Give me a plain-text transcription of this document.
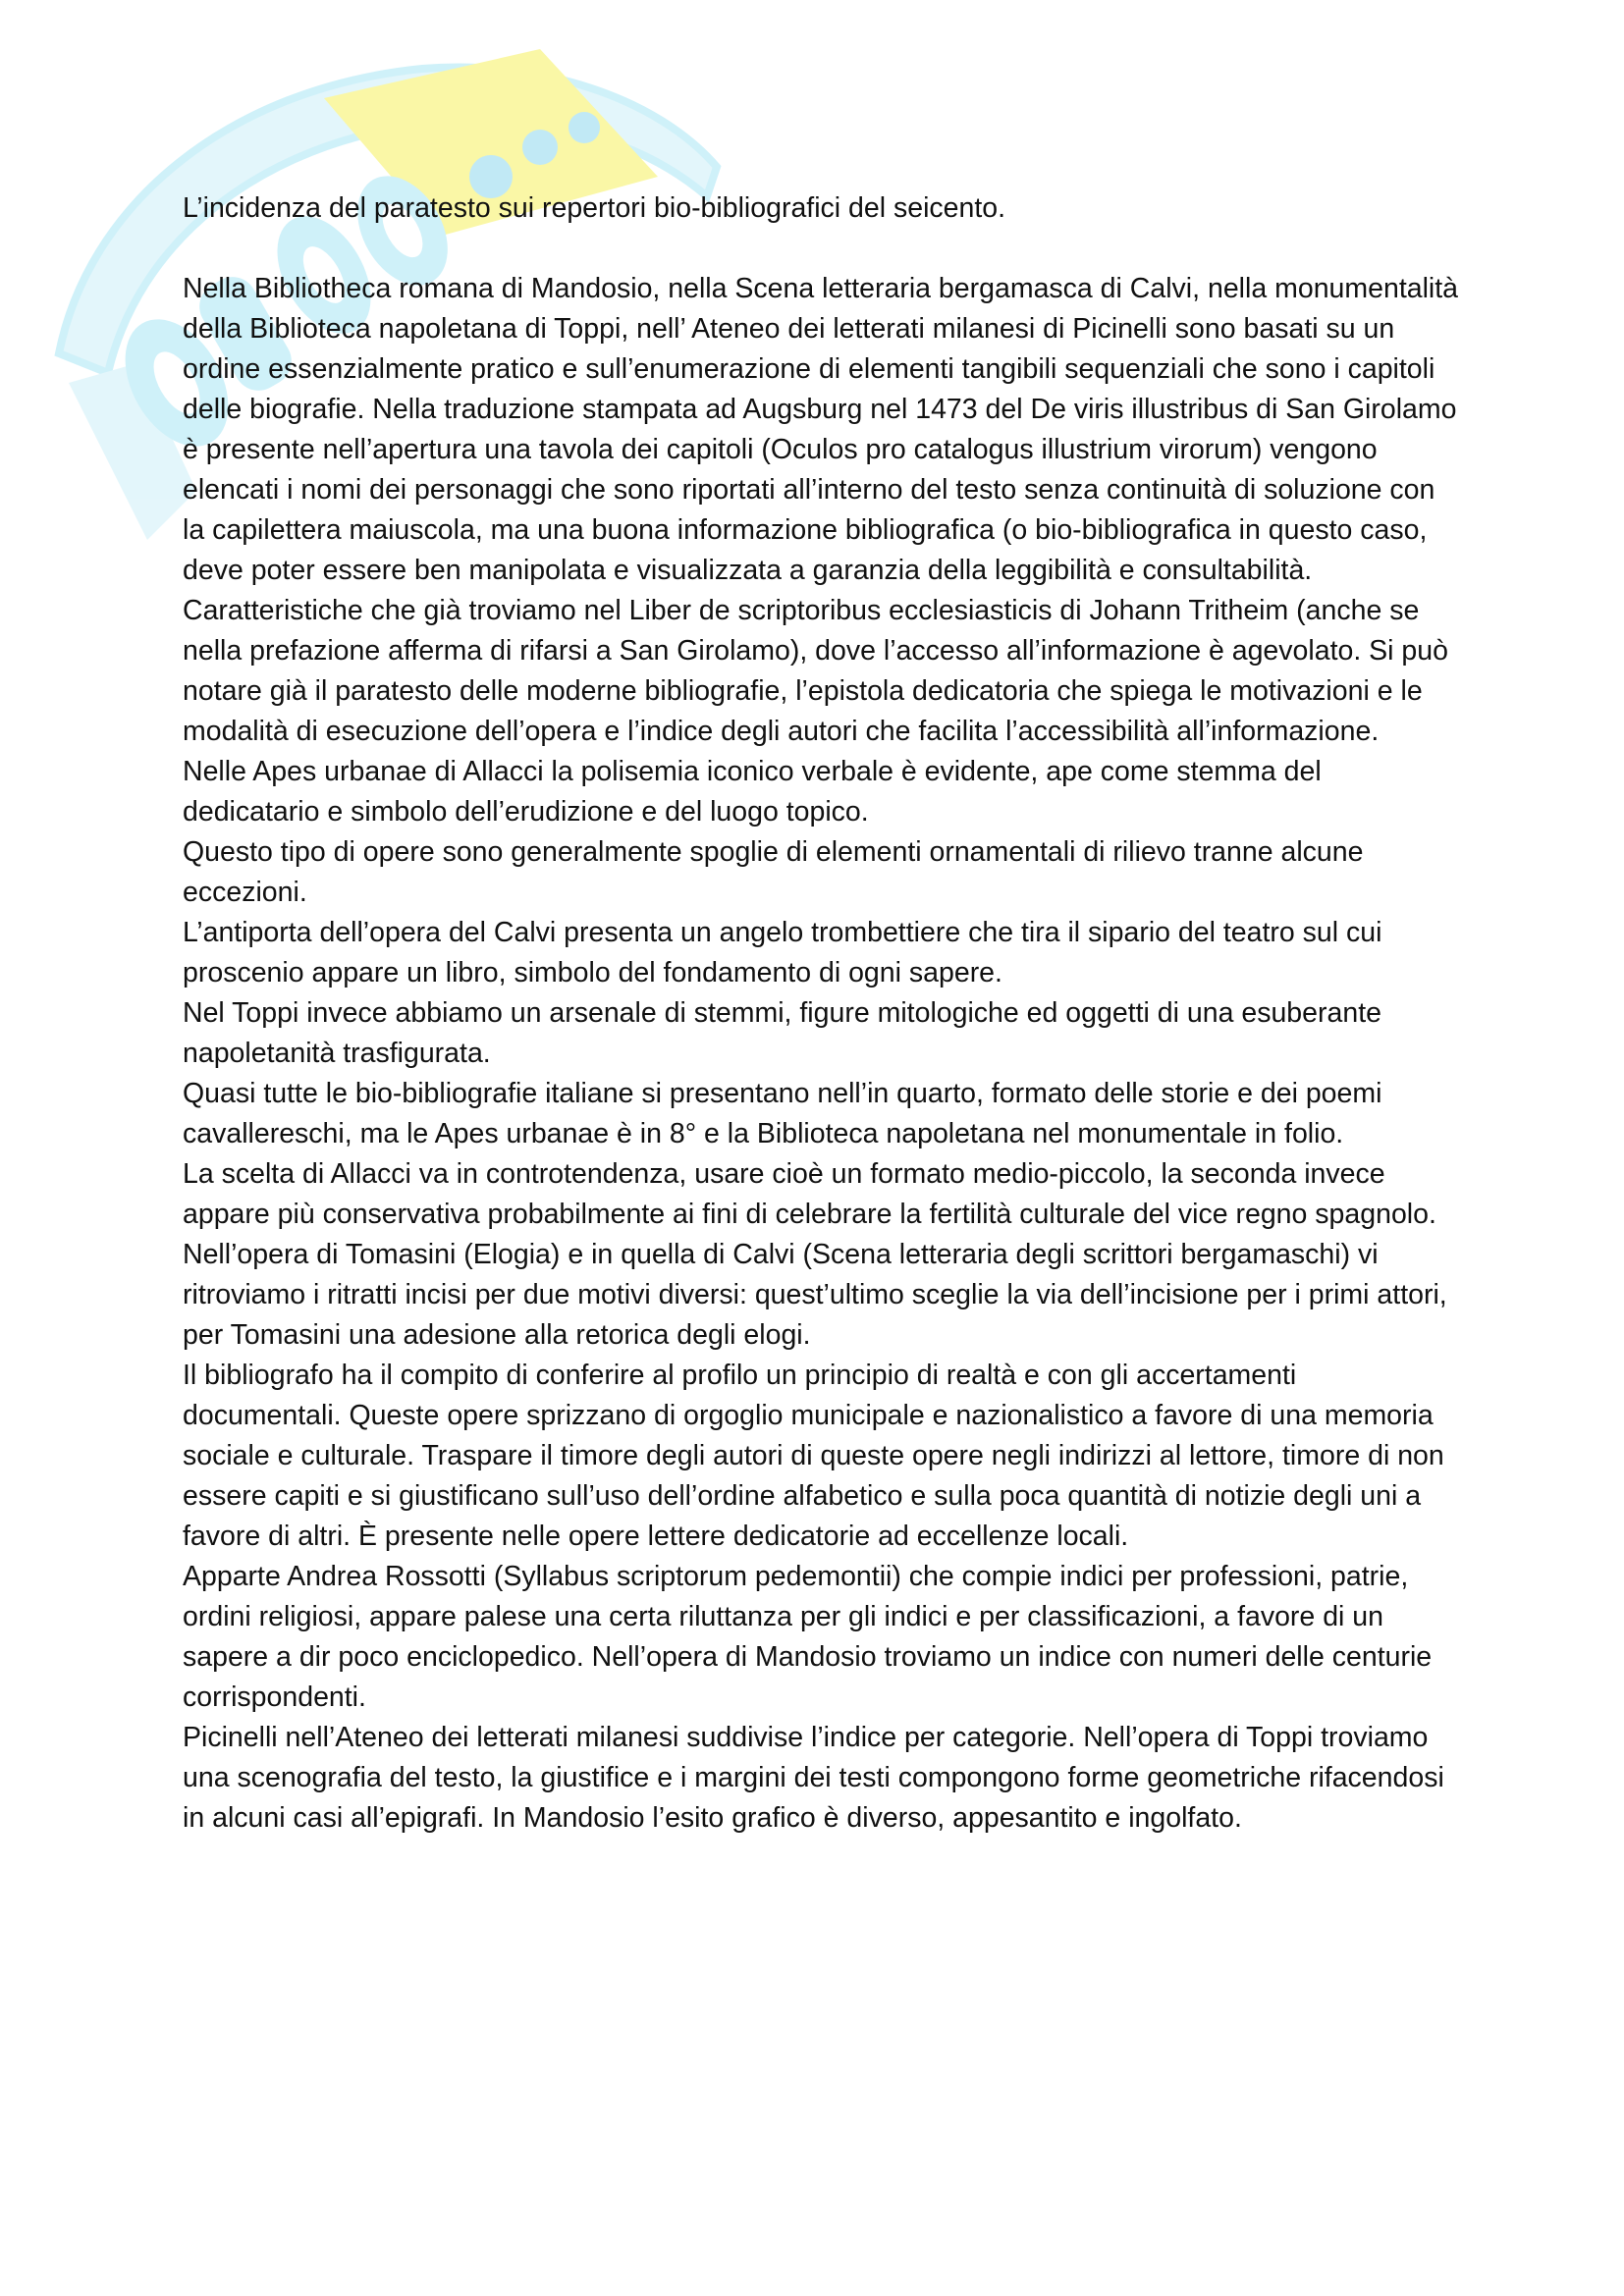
L’incidenza del paratesto sui repertori bio-bibliografici del seicento.

Nella Bibliotheca romana di Mandosio, nella Scena letteraria bergamasca di Calvi, nella monumentalità della Biblioteca napoletana di Toppi, nell’ Ateneo dei letterati milanesi di Picinelli sono basati su un ordine essenzialmente pratico e sull’enumerazione di elementi tangibili sequenziali che sono i capitoli delle biografie. Nella traduzione stampata ad Augsburg nel 1473 del De viris illustribus di San Girolamo è presente nell’apertura una tavola dei capitoli (Oculos pro catalogus illustrium virorum) vengono elencati i nomi dei personaggi che sono riportati all’interno del testo senza continuità di soluzione con la capilettera maiuscola, ma una buona informazione bibliografica (o bio-bibliografica in questo caso, deve poter essere ben manipolata e visualizzata a garanzia della leggibilità e consultabilità. Caratteristiche che già troviamo nel Liber de scriptoribus ecclesiasticis di Johann Tritheim (anche se nella prefazione afferma di rifarsi a San Girolamo), dove l’accesso all’informazione è agevolato. Si può notare già il paratesto delle moderne bibliografie, l’epistola dedicatoria che spiega le motivazioni e le modalità di esecuzione dell’opera e l’indice degli autori che facilita l’accessibilità all’informazione.

Nelle Apes urbanae di Allacci la polisemia iconico verbale è evidente, ape come stemma del dedicatario e simbolo dell’erudizione e del luogo topico.

Questo tipo di opere sono generalmente spoglie di elementi ornamentali di rilievo tranne alcune eccezioni.

L’antiporta dell’opera del Calvi presenta un angelo trombettiere che tira il sipario del teatro sul cui proscenio appare un libro, simbolo del fondamento di ogni sapere.

Nel Toppi invece abbiamo un arsenale di stemmi, figure mitologiche ed oggetti di una esuberante napoletanità trasfigurata.

Quasi tutte le bio-bibliografie italiane si presentano nell’in quarto, formato delle storie e dei poemi cavallereschi, ma le Apes urbanae è in 8° e la Biblioteca napoletana nel monumentale in folio.

La scelta di Allacci va in controtendenza, usare cioè un formato medio-piccolo, la seconda invece appare più conservativa probabilmente ai fini di celebrare la fertilità culturale del vice regno spagnolo.

Nell’opera di Tomasini (Elogia) e in quella di Calvi (Scena letteraria degli scrittori bergamaschi) vi ritroviamo i ritratti incisi per due motivi diversi: quest’ultimo sceglie la via dell’incisione per i primi attori, per Tomasini una adesione alla retorica degli elogi.

Il bibliografo ha il compito di conferire al profilo un principio di realtà e con gli accertamenti documentali. Queste opere sprizzano di orgoglio municipale e nazionalistico a favore di una memoria sociale e culturale. Traspare il timore degli autori di queste opere negli indirizzi al lettore, timore di non essere capiti e si giustificano sull’uso dell’ordine alfabetico e sulla poca quantità di notizie degli uni a favore di altri. È presente nelle opere lettere dedicatorie ad eccellenze locali.

Apparte Andrea Rossotti (Syllabus scriptorum pedemontii) che compie indici per professioni, patrie, ordini religiosi, appare palese una certa riluttanza per gli indici e per classificazioni, a favore di un sapere a dir poco enciclopedico. Nell’opera di Mandosio troviamo un indice con numeri delle centurie corrispondenti.

Picinelli nell’Ateneo dei letterati milanesi suddivise l’indice per categorie. Nell’opera di Toppi troviamo una scenografia del testo, la giustifice e i margini dei testi compongono forme geometriche rifacendosi in alcuni casi all’epigrafi. In Mandosio l’esito grafico è diverso, appesantito e ingolfato.
